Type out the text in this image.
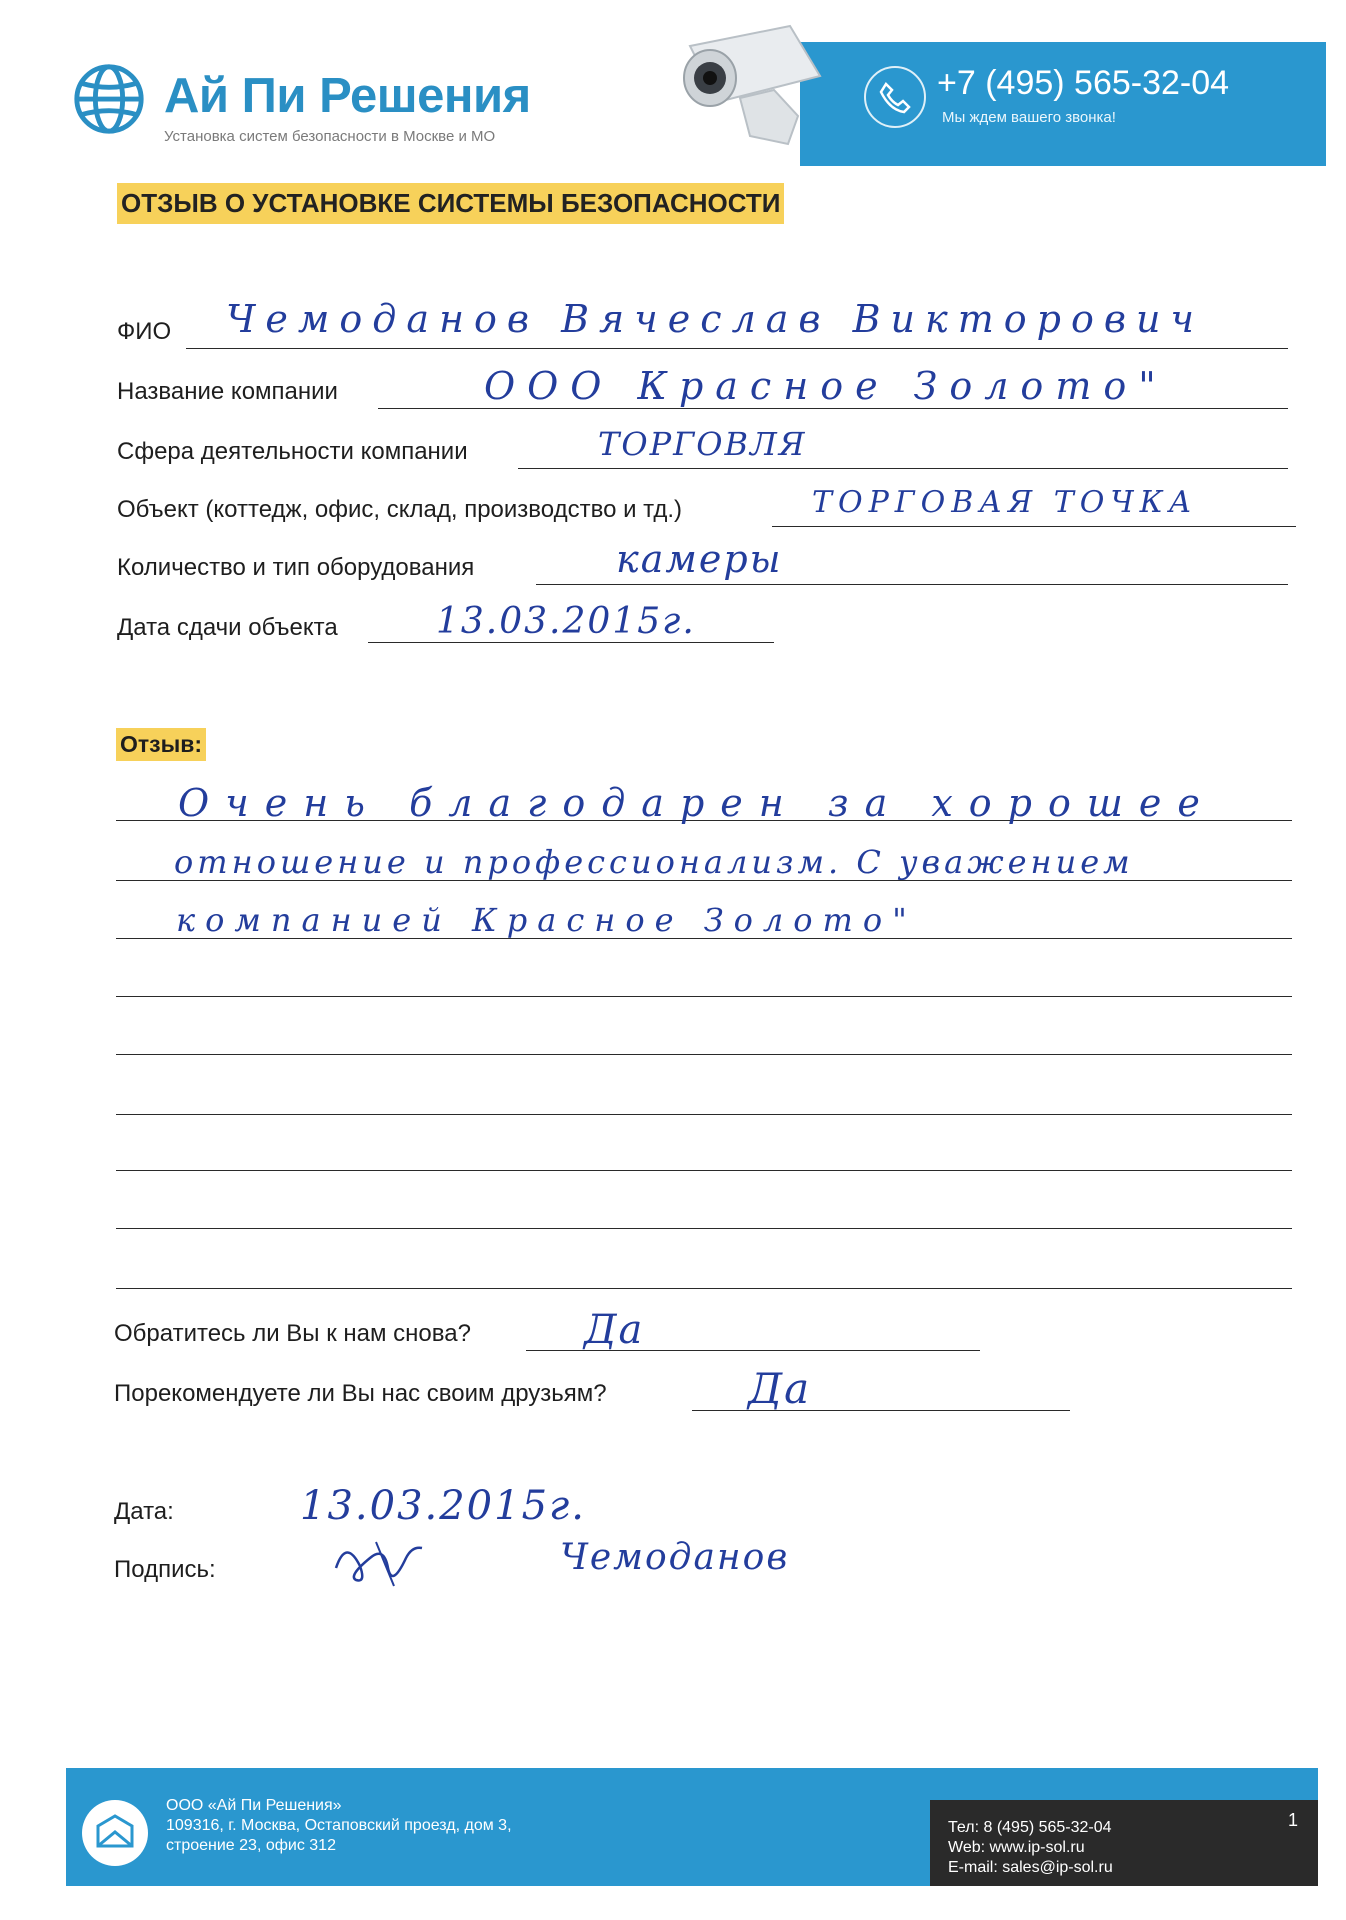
Ай Пи Решения
Установка систем безопасности в Москве и МО
+7 (495) 565-32-04
Мы ждем вашего звонка!
ОТЗЫВ О УСТАНОВКЕ СИСТЕМЫ БЕЗОПАСНОСТИ
ФИО Чемоданов Вячеслав Викторович
Название компании	ООО Красное Золото"
Сфера деятельности компании	ТОРГОВЛЯ
Объект (коттедж, офис, склад, производство и тд.)	ТОРГОВАЯ ТОЧКА
Количество и тип оборудования	камеры
Дата сдачи объекта	13.03.2015г.
Отзыв:
Очень благодарен за хорошее
отношение и профессионализм. С уважением
компанией Красное Золото"
Обратитесь ли Вы к нам снова?	Да
Порекомендуете ли Вы нас своим друзьям?	Да
Дата:	13.03.2015г.
Подпись:	Чемоданов
ООО «Ай Пи Решения»
109316, г. Москва, Остаповский проезд, дом 3,
строение 23, офис 312
Тел: 8 (495) 565-32-04
Web: www.ip-sol.ru
E-mail: sales@ip-sol.ru
1
